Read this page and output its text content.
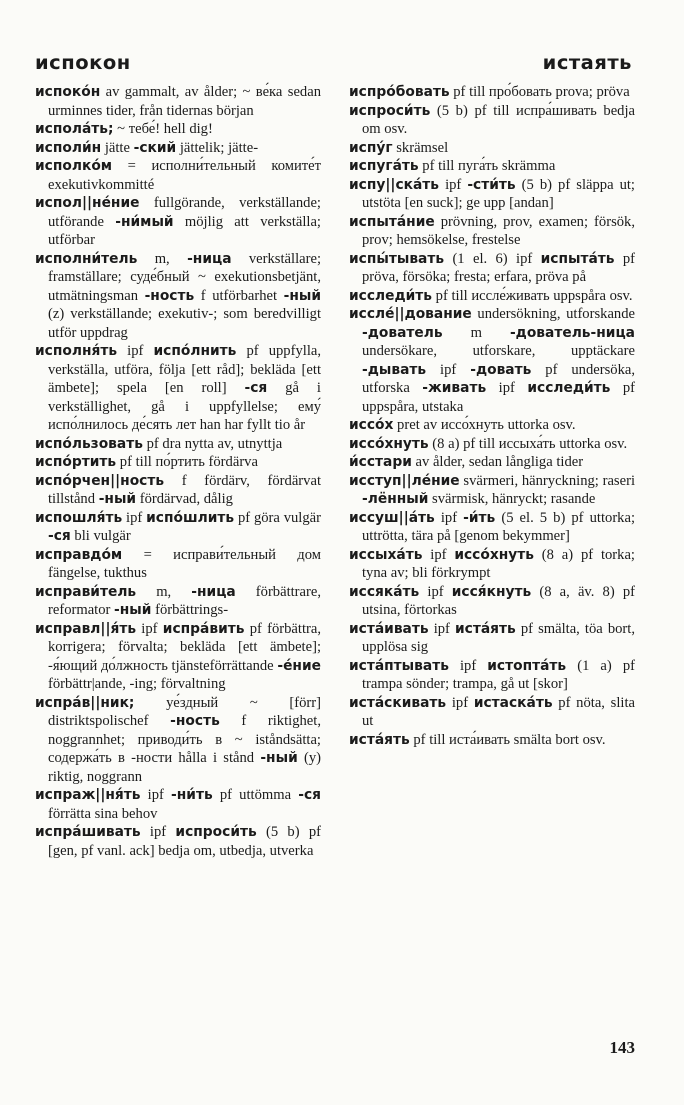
испокон	истаять
испоко́н av gammalt, av ålder; ~ ве́ка sedan urminnes tider, från tidernas början
испола́ть; ~ тебе́! hell dig!
исполи́н jätte -ский jättelik; jätte-
исполко́м = исполни́тельный комите́т exekutivkommitté
испол||не́ние fullgörande, verkställande; utförande -ни́мый möjlig att verkställa; utförbar
исполни́тель m, -ница verkställare; framställare; суде́бный ~ exekutionsbetjänt, utmätningsman -ность f utförbarhet -ный (z) verkställande; exekutiv-; som beredvilligt utför uppdrag
исполня́ть ipf испо́лнить pf uppfylla, verkställa, utföra, följa [ett råd]; bekläda [ett ämbete]; spela [en roll] -ся gå i verkställighet, gå i uppfyllelse; ему́ испо́лнилось де́сять лет han har fyllt tio år
испо́льзовать pf dra nytta av, utnyttja
испо́ртить pf till по́ртить fördärva
испо́рчен||ность f fördärv, fördärvat tillstånd -ный fördärvad, dålig
испошля́ть ipf испо́шлить pf göra vulgär -ся bli vulgär
исправдо́м = исправи́тельный дом fängelse, tukthus
исправи́тель m, -ница förbättrare, reformator -ный förbättrings-
исправл||я́ть ipf испра́вить pf förbättra, korrigera; förvalta; bekläda [ett ämbete]; -я́ющий до́лжность tjänsteförrättande -е́ние förbättr|ande, -ing; förvaltning
испра́в||ник; уе́здный ~ [förr] distriktspolischef -ность f riktighet, noggrannhet; приводи́ть в ~ iståndsätta; содержа́ть в -ности hålla i stånd -ный (y) riktig, noggrann
испраж||ня́ть ipf -ни́ть pf uttömma -ся förrätta sina behov
испра́шивать ipf испроси́ть (5 b) pf [gen, pf vanl. ack] bedja om, utbedja, utverka
испро́бовать pf till про́бовать prova; pröva
испроси́ть (5 b) pf till испра́шивать bedja om osv.
испу́г skrämsel
испуга́ть pf till пуга́ть skrämma
испу||ска́ть ipf -сти́ть (5 b) pf släppa ut; utstöta [en suck]; ge upp [andan]
испыта́ние prövning, prov, examen; försök, prov; hemsökelse, frestelse
испы́тывать (1 el. 6) ipf испыта́ть pf pröva, försöka; fresta; erfara, pröva på
исследи́ть pf till иссле́живать uppspåra osv.
иссле́||дование undersökning, utforskande -дователь m -дователь-ница undersökare, utforskare, upptäckare -дывать ipf -довать pf undersöka, utforska -живать ipf исследи́ть pf uppspåra, utstaka
иссо́х pret av иссо́хнуть uttorka osv.
иссо́хнуть (8 a) pf till иссыха́ть uttorka osv.
и́сстари av ålder, sedan långliga tider
исступ||ле́ние svärmeri, hänryckning; raseri -лённый svärmisk, hänryckt; rasande
иссуш||а́ть ipf -и́ть (5 el. 5 b) pf uttorka; uttrötta, tära på [genom bekymmer]
иссыха́ть ipf иссо́хнуть (8 a) pf torka; tyna av; bli förkrympt
иссяка́ть ipf исся́кнуть (8 a, äv. 8) pf utsina, förtorkas
иста́ивать ipf иста́ять pf smälta, töa bort, upplösa sig
иста́птывать ipf истопта́ть (1 a) pf trampa sönder; trampa, gå ut [skor]
иста́скивать ipf истаска́ть pf nöta, slita ut
иста́ять pf till иста́ивать smälta bort osv.
143
